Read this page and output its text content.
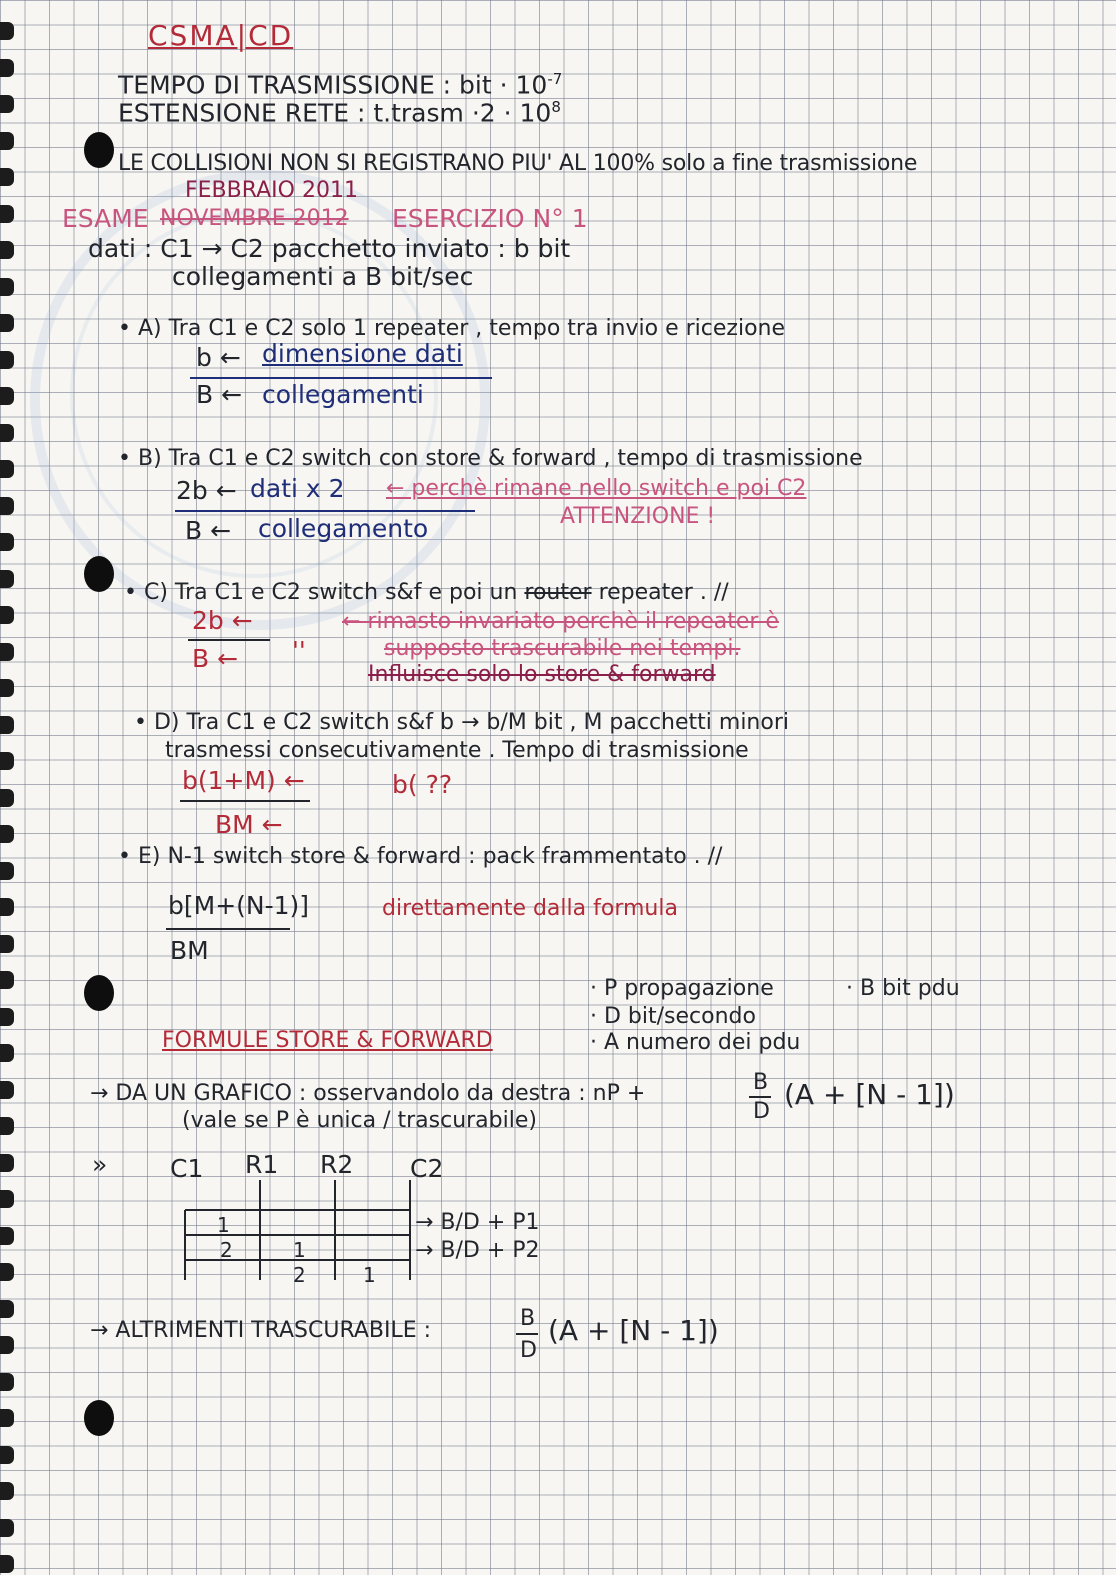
CSMA|CD
TEMPO DI TRASMISSIONE : bit · $10^{-7}$
ESTENSIONE RETE : t.trasm $\cdot 2 \cdot 10^8$
LE COLLISIONI NON SI REGISTRANO PIU' AL 100% solo a fine trasmissione
FEBBRAIO 2011
ESAME NOVEMBRE 2012 ESERCIZIO N° 1
dati : C1 → C2 pacchetto inviato : b bit
collegamenti a B bit/sec
• A) Tra C1 e C2 solo 1 repeater , tempo tra invio e ricezione
b ← dimensione dati
B ← collegamenti
• B) Tra C1 e C2 switch con store & forward , tempo di trasmissione
2b ← dati x 2 ← perchè rimane nello switch e poi C2
ATTENZIONE !
B ← collegamento
• C) Tra C1 e C2 switch s&f e poi un router repeater . //
2b ←	← rimasto invariato perchè il repeater è
B ← ''	supposto trascurabile nei tempi.
Influisce solo lo store & forward
• D) Tra C1 e C2 switch s&f b → b/M bit , M pacchetti minori
trasmessi consecutivamente . Tempo di trasmissione
b(1+M) ←	b( ??
BM ←
• E) N-1 switch store & forward : pack frammentato . //
b[M+(N-1)]	direttamente dalla formula
BM
· P propagazione	· B bit pdu
· D bit/secondo
· A numero dei pdu
FORMULE STORE & FORWARD
→ DA UN GRAFICO : osservandolo da destra : nP +	B
D
(A + [N - 1])
(vale se P è unica / trascurabile)
»	C1 R1 R2 C2
1
2	1
2	1
→ B/D + P1
→ B/D + P2
→ ALTRIMENTI TRASCURABILE :	B
D
(A + [N - 1])
